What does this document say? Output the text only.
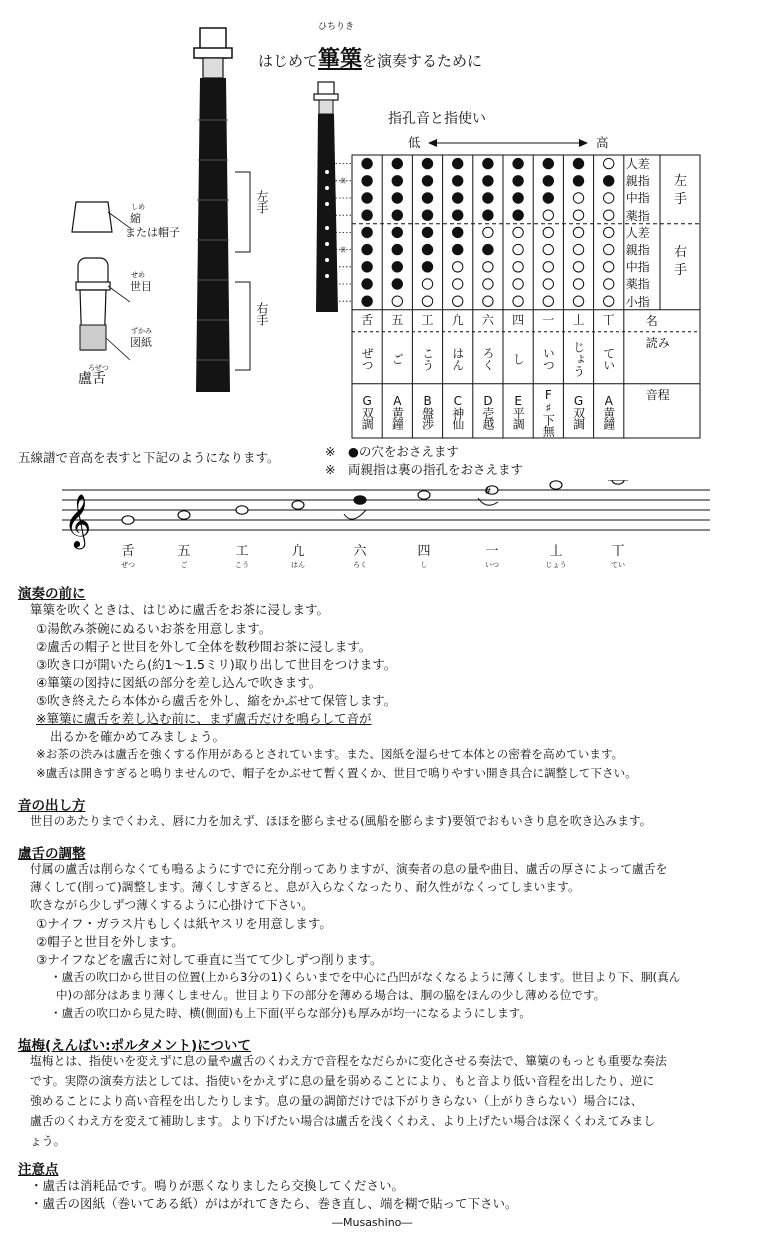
ひちりき
はじめて篳篥を演奏するために
しめ
縮
または帽子
せめ
世目
ずかみ
図紙
ろぜつ
盧舌
左手
右手
指孔音と指使い
低	高
裏
裏
舌
ぜつ
G双調
五
ご
A黄鐘
工
こう
B盤渉
凢
はん
C神仙
六
ろく
D壱越
四
し
E平調
一
いつ
F♯下無
丄
じょう
G双調
丅
てい
A黄鐘
人差
親指
中指
薬指
人差
親指
中指
薬指
小指
左手
右手
名
読み
音程
※　 ●の穴をおさえます
※　 両親指は裏の指孔をおさえます
五線譜で音高を表すと下記のようになります。
𝄞
#
舌
ぜつ
五
ご
工
こう
凢
はん
六
ろく
四
し
一
いつ
丄
じょう
丅
てい
演奏の前に
篳篥を吹くときは、はじめに盧舌をお茶に浸します。
①湯飲み茶碗にぬるいお茶を用意します。
②盧舌の帽子と世目を外して全体を数秒間お茶に浸します。
③吹き口が開いたら(約1～1.5ミリ)取り出して世目をつけます。
④篳篥の図持に図紙の部分を差し込んで吹きます。
⑤吹き終えたら本体から盧舌を外し、縮をかぶせて保管します。
※篳篥に盧舌を差し込む前に、まず盧舌だけを鳴らして音が
出るかを確かめてみましょう。
※お茶の渋みは盧舌を強くする作用があるとされています。また、図紙を湿らせて本体との密着を高めています。
※盧舌は開きすぎると鳴りませんので、帽子をかぶせて暫く置くか、世目で鳴りやすい開き具合に調整して下さい。
音の出し方
世目のあたりまでくわえ、唇に力を加えず、ほほを膨らませる(風船を膨らます)要領でおもいきり息を吹き込みます。
盧舌の調整
付属の盧舌は削らなくても鳴るようにすでに充分削ってありますが、演奏者の息の量や曲目、盧舌の厚さによって盧舌を
薄くして(削って)調整します。薄くしすぎると、息が入らなくなったり、耐久性がなくってしまいます。
吹きながら少しずつ薄くするように心掛けて下さい。
①ナイフ・ガラス片もしくは紙ヤスリを用意します。
②帽子と世目を外します。
③ナイフなどを盧舌に対して垂直に当てて少しずつ削ります。
・盧舌の吹口から世目の位置(上から3分の1)くらいまでを中心に凸凹がなくなるように薄くします。世目より下、胴(真ん
中)の部分はあまり薄くしません。世目より下の部分を薄める場合は、胴の脇をほんの少し薄める位です。
・盧舌の吹口から見た時、横(側面)も上下面(平らな部分)も厚みが均一になるようにします。
塩梅(えんばい:ポルタメント)について
塩梅とは、指使いを変えずに息の量や盧舌のくわえ方で音程をなだらかに変化させる奏法で、篳篥のもっとも重要な奏法
です。実際の演奏方法としては、指使いをかえずに息の量を弱めることにより、もと音より低い音程を出したり、逆に
強めることにより高い音程を出したりします。息の量の調節だけでは下がりきらない（上がりきらない）場合には、
盧舌のくわえ方を変えて補助します。より下げたい場合は盧舌を浅くくわえ、より上げたい場合は深くくわえてみまし
ょう。
注意点
・盧舌は消耗品です。鳴りが悪くなりましたら交換してください。
・盧舌の図紙（巻いてある紙）がはがれてきたら、巻き直し、端を糊で貼って下さい。
―Musashino―
